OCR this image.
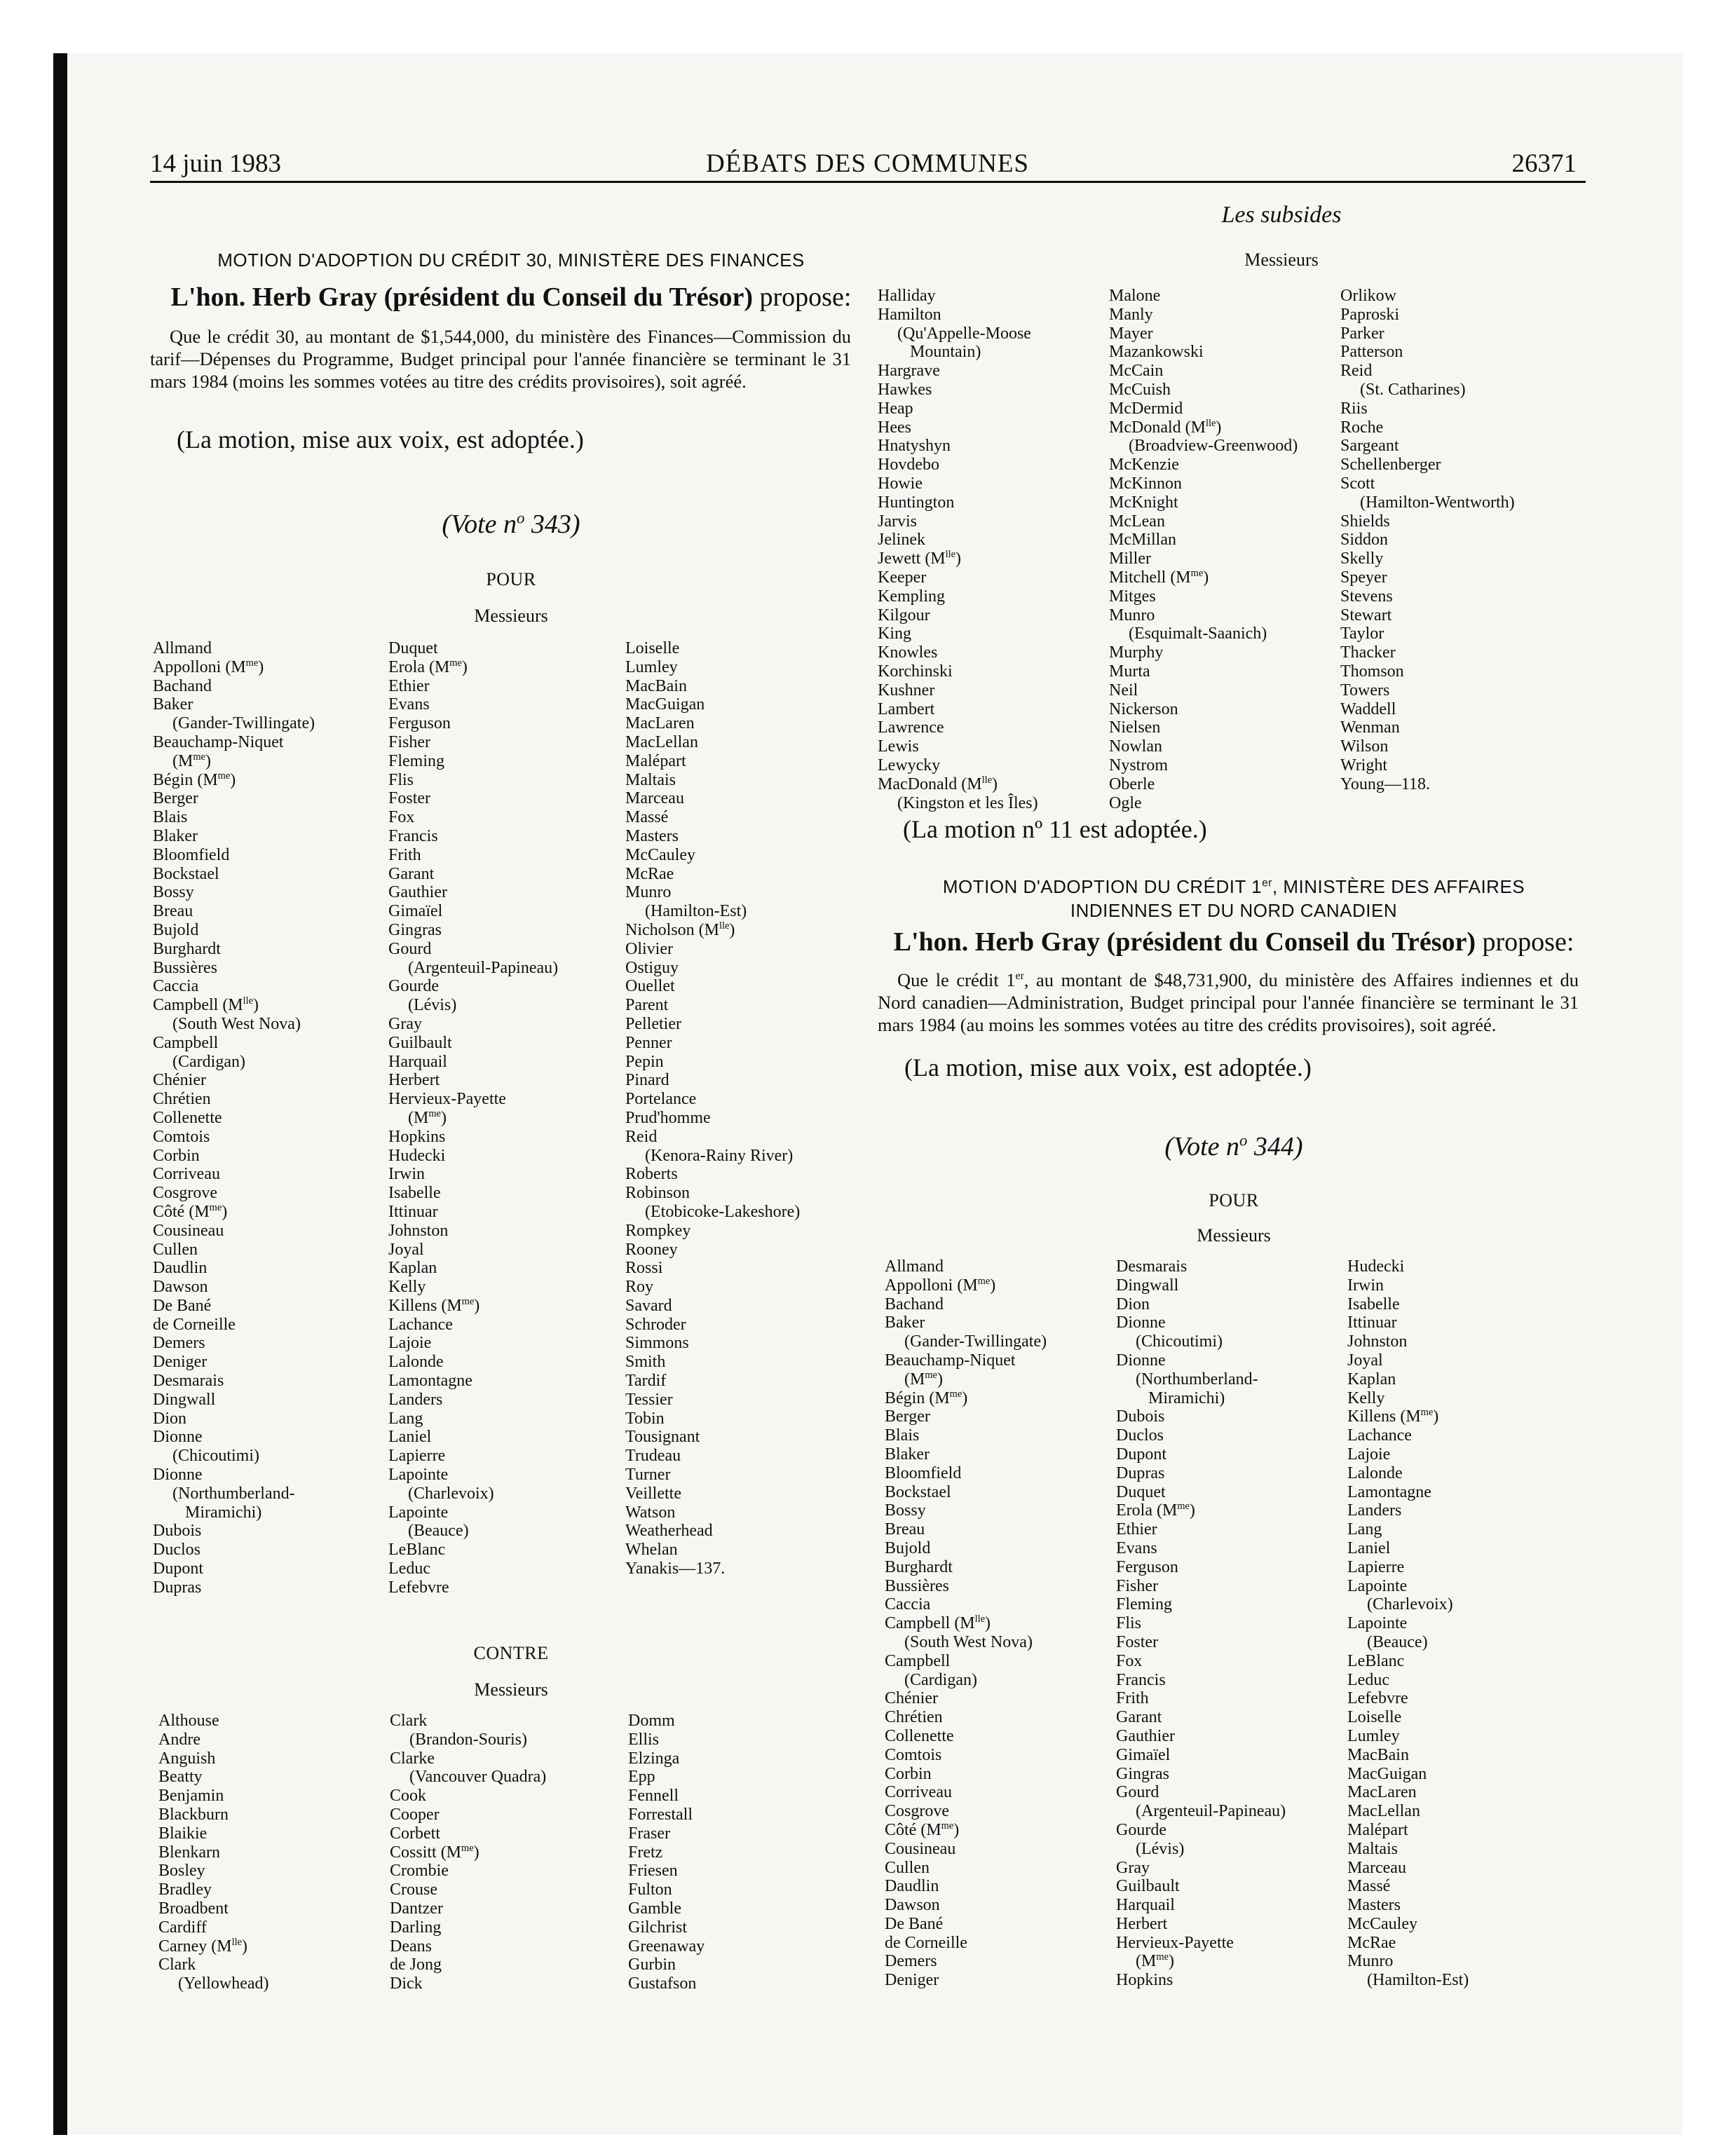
14 juin 1983	DÉBATS DES COMMUNES	26371
Les subsides
Messieurs
Halliday
Hamilton
(Qu'Appelle-Moose
Mountain)
Hargrave
Hawkes
Heap
Hees
Hnatyshyn
Hovdebo
Howie
Huntington
Jarvis
Jelinek
Jewett $(M^{lle})$
Keeper
Kempling
Kilgour
King
Knowles
Korchinski
Kushner
Lambert
Lawrence
Lewis
Lewycky
MacDonald $(M^{lle})$
(Kingston et les Îles)
Malone
Manly
Mayer
Mazankowski
McCain
McCuish
McDermid
McDonald $(M^{lle})$
(Broadview-Greenwood)
McKenzie
McKinnon
McKnight
McLean
McMillan
Miller
Mitchell $(M^{me})$
Mitges
Munro
(Esquimalt-Saanich)
Murphy
Murta
Neil
Nickerson
Nielsen
Nowlan
Nystrom
Oberle
Ogle
Orlikow
Paproski
Parker
Patterson
Reid
(St. Catharines)
Riis
Roche
Sargeant
Schellenberger
Scott
(Hamilton-Wentworth)
Shields
Siddon
Skelly
Speyer
Stevens
Stewart
Taylor
Thacker
Thomson
Towers
Waddell
Wenman
Wilson
Wright
Young—118.
(La motion nº 11 est adoptée.)
MOTION D'ADOPTION DU CRÉDIT 30, MINISTÈRE DES FINANCES
L'hon. Herb Gray (président du Conseil du Trésor) propose:
Que le crédit 30, au montant de $1,544,000, du ministère des Finances—Commission du tarif—Dépenses du Programme, Budget principal pour l'année financière se terminant le 31 mars 1984 (moins les sommes votées au titre des crédits provisoires), soit agréé.
(La motion, mise aux voix, est adoptée.)
(Vote $n^o$ 343)
POUR
Messieurs
Allmand
Appolloni $(M^{me})$
Bachand
Baker
(Gander-Twillingate)
Beauchamp-Niquet
$(M^{me})$
Bégin $(M^{me})$
Berger
Blais
Blaker
Bloomfield
Bockstael
Bossy
Breau
Bujold
Burghardt
Bussières
Caccia
Campbell $(M^{lle})$
(South West Nova)
Campbell
(Cardigan)
Chénier
Chrétien
Collenette
Comtois
Corbin
Corriveau
Cosgrove
Côté $(M^{me})$
Cousineau
Cullen
Daudlin
Dawson
De Bané
de Corneille
Demers
Deniger
Desmarais
Dingwall
Dion
Dionne
(Chicoutimi)
Dionne
(Northumberland-
Miramichi)
Dubois
Duclos
Dupont
Dupras
Duquet
Erola $(M^{me})$
Ethier
Evans
Ferguson
Fisher
Fleming
Flis
Foster
Fox
Francis
Frith
Garant
Gauthier
Gimaïel
Gingras
Gourd
(Argenteuil-Papineau)
Gourde
(Lévis)
Gray
Guilbault
Harquail
Herbert
Hervieux-Payette
$(M^{me})$
Hopkins
Hudecki
Irwin
Isabelle
Ittinuar
Johnston
Joyal
Kaplan
Kelly
Killens $(M^{me})$
Lachance
Lajoie
Lalonde
Lamontagne
Landers
Lang
Laniel
Lapierre
Lapointe
(Charlevoix)
Lapointe
(Beauce)
LeBlanc
Leduc
Lefebvre
Loiselle
Lumley
MacBain
MacGuigan
MacLaren
MacLellan
Malépart
Maltais
Marceau
Massé
Masters
McCauley
McRae
Munro
(Hamilton-Est)
Nicholson $(M^{lle})$
Olivier
Ostiguy
Ouellet
Parent
Pelletier
Penner
Pepin
Pinard
Portelance
Prud'homme
Reid
(Kenora-Rainy River)
Roberts
Robinson
(Etobicoke-Lakeshore)
Rompkey
Rooney
Rossi
Roy
Savard
Schroder
Simmons
Smith
Tardif
Tessier
Tobin
Tousignant
Trudeau
Turner
Veillette
Watson
Weatherhead
Whelan
Yanakis—137.
CONTRE
Messieurs
Althouse
Andre
Anguish
Beatty
Benjamin
Blackburn
Blaikie
Blenkarn
Bosley
Bradley
Broadbent
Cardiff
Carney $(M^{lle})$
Clark
(Yellowhead)
Clark
(Brandon-Souris)
Clarke
(Vancouver Quadra)
Cook
Cooper
Corbett
Cossitt $(M^{me})$
Crombie
Crouse
Dantzer
Darling
Deans
de Jong
Dick
Domm
Ellis
Elzinga
Epp
Fennell
Forrestall
Fraser
Fretz
Friesen
Fulton
Gamble
Gilchrist
Greenaway
Gurbin
Gustafson
MOTION D'ADOPTION DU CRÉDIT 1er, MINISTÈRE DES AFFAIRES
INDIENNES ET DU NORD CANADIEN
L'hon. Herb Gray (président du Conseil du Trésor) propose:
Que le crédit 1er, au montant de $48,731,900, du ministère des Affaires indiennes et du Nord canadien—Administration, Budget principal pour l'année financière se terminant le 31 mars 1984 (au moins les sommes votées au titre des crédits provisoires), soit agréé.
(La motion, mise aux voix, est adoptée.)
(Vote $n^o$ 344)
POUR
Messieurs
Allmand
Appolloni $(M^{me})$
Bachand
Baker
(Gander-Twillingate)
Beauchamp-Niquet
$(M^{me})$
Bégin $(M^{me})$
Berger
Blais
Blaker
Bloomfield
Bockstael
Bossy
Breau
Bujold
Burghardt
Bussières
Caccia
Campbell $(M^{lle})$
(South West Nova)
Campbell
(Cardigan)
Chénier
Chrétien
Collenette
Comtois
Corbin
Corriveau
Cosgrove
Côté $(M^{me})$
Cousineau
Cullen
Daudlin
Dawson
De Bané
de Corneille
Demers
Deniger
Desmarais
Dingwall
Dion
Dionne
(Chicoutimi)
Dionne
(Northumberland-
Miramichi)
Dubois
Duclos
Dupont
Dupras
Duquet
Erola $(M^{me})$
Ethier
Evans
Ferguson
Fisher
Fleming
Flis
Foster
Fox
Francis
Frith
Garant
Gauthier
Gimaïel
Gingras
Gourd
(Argenteuil-Papineau)
Gourde
(Lévis)
Gray
Guilbault
Harquail
Herbert
Hervieux-Payette
$(M^{me})$
Hopkins
Hudecki
Irwin
Isabelle
Ittinuar
Johnston
Joyal
Kaplan
Kelly
Killens $(M^{me})$
Lachance
Lajoie
Lalonde
Lamontagne
Landers
Lang
Laniel
Lapierre
Lapointe
(Charlevoix)
Lapointe
(Beauce)
LeBlanc
Leduc
Lefebvre
Loiselle
Lumley
MacBain
MacGuigan
MacLaren
MacLellan
Malépart
Maltais
Marceau
Massé
Masters
McCauley
McRae
Munro
(Hamilton-Est)
